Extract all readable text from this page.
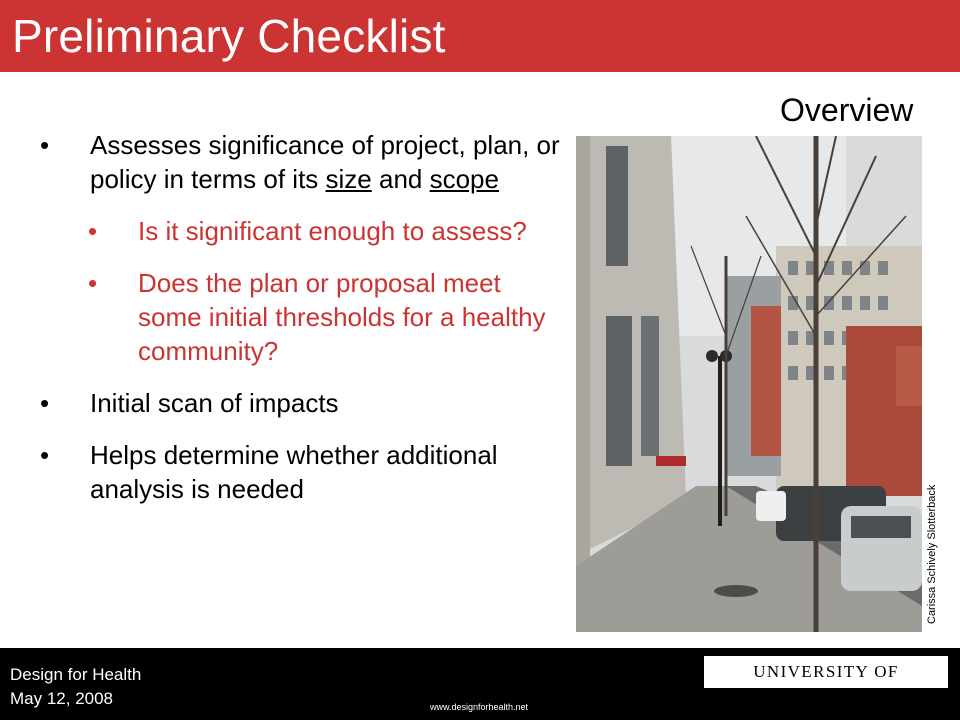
Preliminary Checklist
Overview
• Assesses significance of project, plan, or policy in terms of its size and scope
• Is it significant enough to assess?
• Does the plan or proposal meet some initial thresholds for a healthy community?
• Initial scan of impacts
• Helps determine whether additional analysis is needed	Carissa Schively Slotterback
Design for Health
May 12, 2008	www.designforhealth.net
UNIVERSITY OF MINNESOTA
